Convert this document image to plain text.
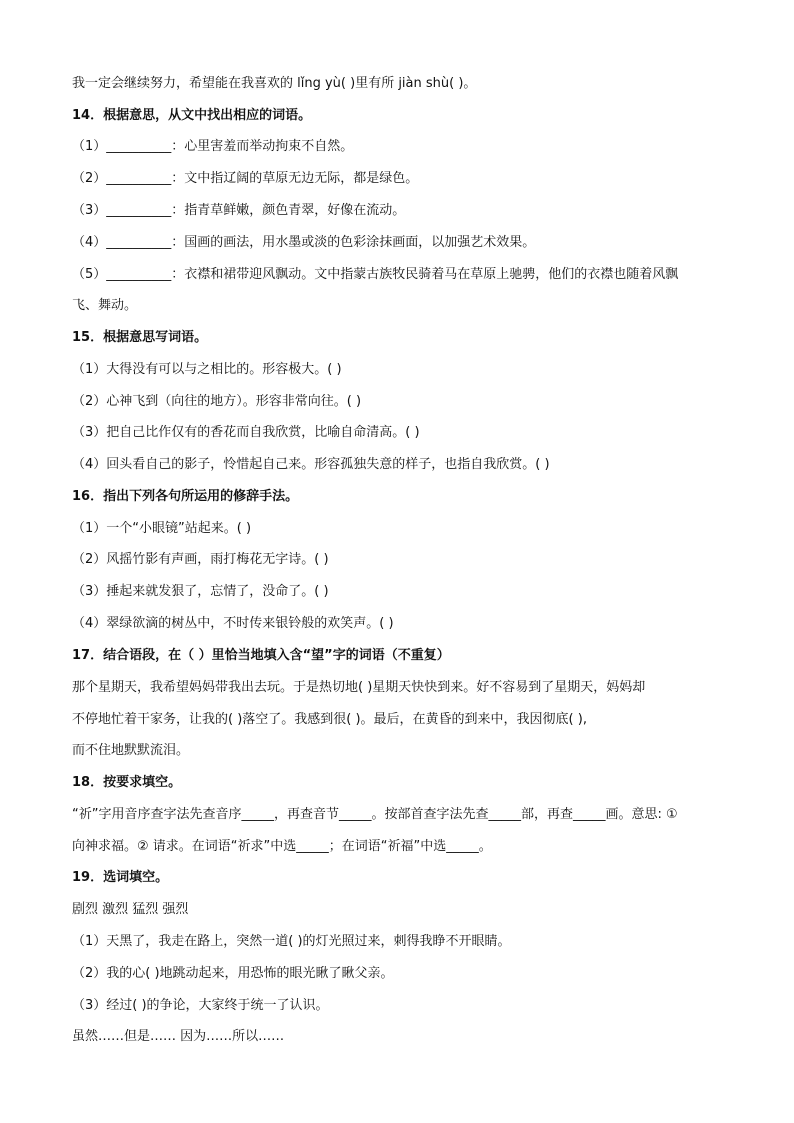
我一定会继续努力，希望能在我喜欢的 lǐng yù( )里有所 jiàn shù( )。
14．根据意思，从文中找出相应的词语。
（1）__________：心里害羞而举动拘束不自然。
（2）__________：文中指辽阔的草原无边无际，都是绿色。
（3）__________：指青草鲜嫩，颜色青翠，好像在流动。
（4）__________：国画的画法，用水墨或淡的色彩涂抹画面，以加强艺术效果。
（5）__________：衣襟和裙带迎风飘动。文中指蒙古族牧民骑着马在草原上驰骋，他们的衣襟也随着风飘
飞、舞动。
15．根据意思写词语。
（1）大得没有可以与之相比的。形容极大。( )
（2）心神飞到（向往的地方）。形容非常向往。( )
（3）把自己比作仅有的香花而自我欣赏，比喻自命清高。( )
（4）回头看自己的影子，怜惜起自己来。形容孤独失意的样子，也指自我欣赏。( )
16．指出下列各句所运用的修辞手法。
（1）一个“小眼镜”站起来。( )
（2）风摇竹影有声画，雨打梅花无字诗。( )
（3）捶起来就发狠了，忘情了，没命了。( )
（4）翠绿欲滴的树丛中，不时传来银铃般的欢笑声。( )
17．结合语段，在（ ）里恰当地填入含“望”字的词语（不重复）
那个星期天，我希望妈妈带我出去玩。于是热切地( )星期天快快到来。好不容易到了星期天，妈妈却
不停地忙着干家务，让我的( )落空了。我感到很( )。最后，在黄昏的到来中，我因彻底( ),
而不住地默默流泪。
18．按要求填空。
“祈”字用音序查字法先查音序_____，再查音节_____。按部首查字法先查_____部，再查_____画。意思: ①
向神求福。② 请求。在词语“祈求”中选_____；在词语“祈福”中选_____。
19．选词填空。
剧烈 激烈 猛烈 强烈
（1）天黑了，我走在路上，突然一道( )的灯光照过来，刺得我睁不开眼睛。
（2）我的心( )地跳动起来，用恐怖的眼光瞅了瞅父亲。
（3）经过( )的争论，大家终于统一了认识。
虽然……但是…… 因为……所以……
